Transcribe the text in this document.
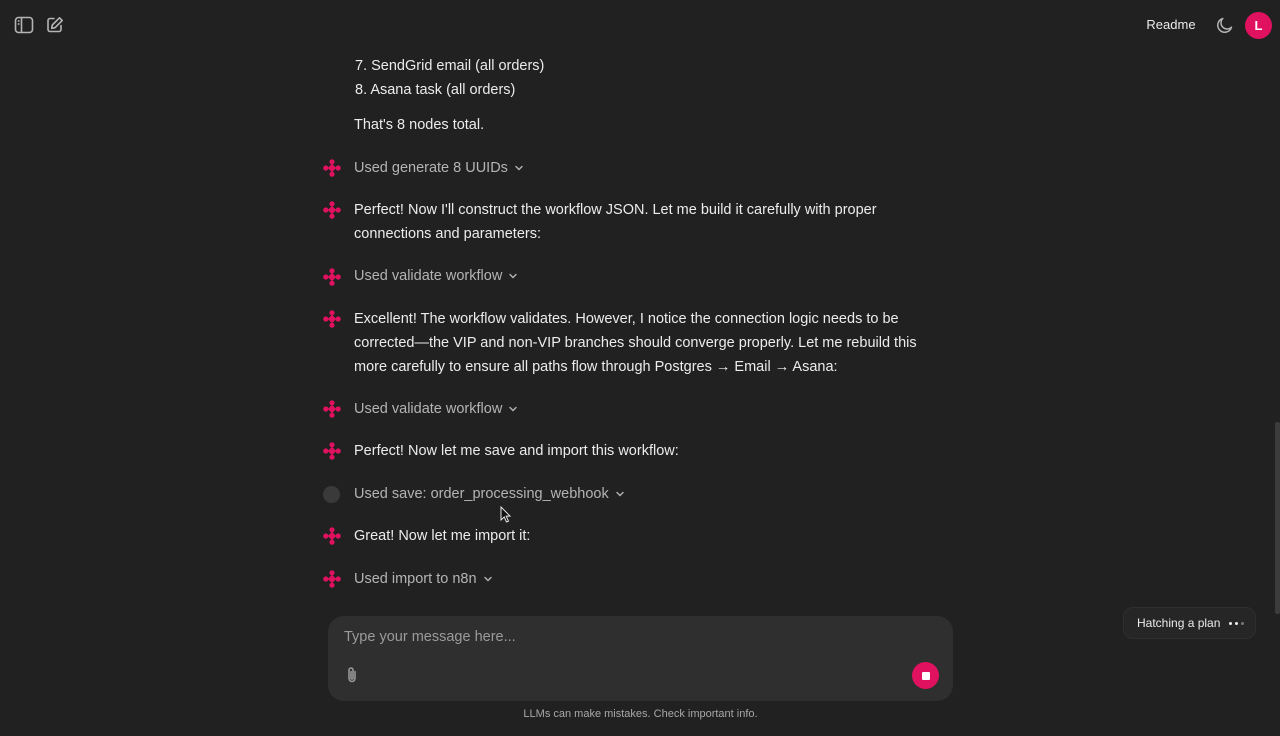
Readme	L
7. SendGrid email (all orders)
8. Asana task (all orders)
That's 8 nodes total.
Used generate 8 UUIDs
Perfect! Now I'll construct the workflow JSON. Let me build it carefully with proper
connections and parameters:
Used validate workflow
Excellent! The workflow validates. However, I notice the connection logic needs to be
corrected—the VIP and non-VIP branches should converge properly. Let me rebuild this
more carefully to ensure all paths flow through Postgres → Email → Asana:
Used validate workflow
Perfect! Now let me save and import this workflow:
Used save: order_processing_webhook
Great! Now let me import it:
Used import to n8n
Hatching a plan
Type your message here...
LLMs can make mistakes. Check important info.
